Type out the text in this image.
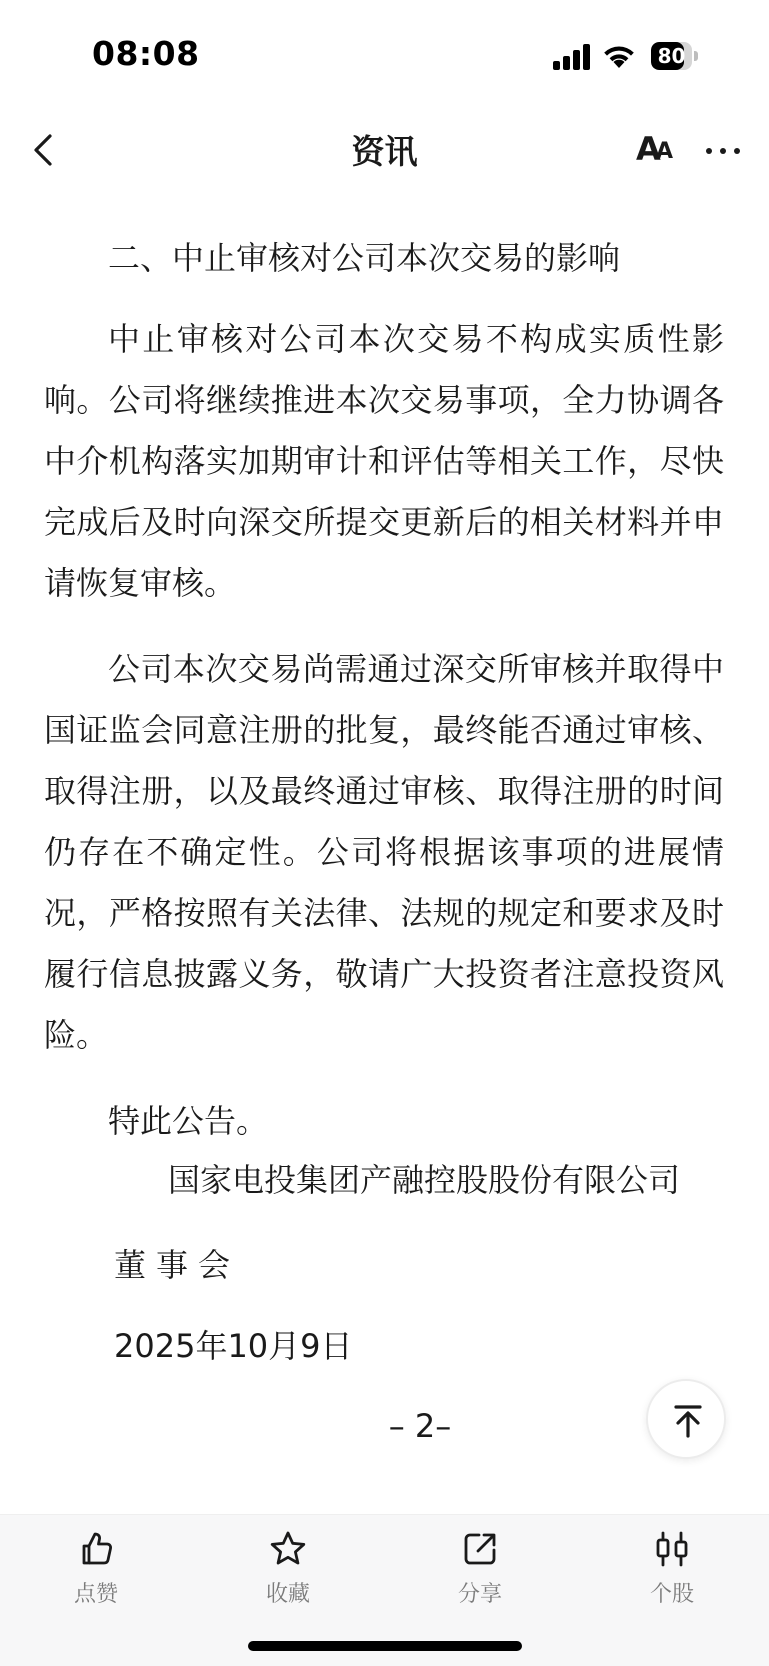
08:08	80
资讯	A
A

二、中止审核对公司本次交易的影响

中止审核对公司本次交易不构成实质性影响。公司将继续推进本次交易事项，全力协调各中介机构落实加期审计和评估等相关工作，尽快完成后及时向深交所提交更新后的相关材料并申请恢复审核。

公司本次交易尚需通过深交所审核并取得中国证监会同意注册的批复，最终能否通过审核、取得注册，以及最终通过审核、取得注册的时间仍存在不确定性。公司将根据该事项的进展情况，严格按照有关法律、法规的规定和要求及时履行信息披露义务，敬请广大投资者注意投资风险。

特此公告。

国家电投集团产融控股股份有限公司
董事会
2025年10月9日
– 2–
点赞	收藏	分享	个股
